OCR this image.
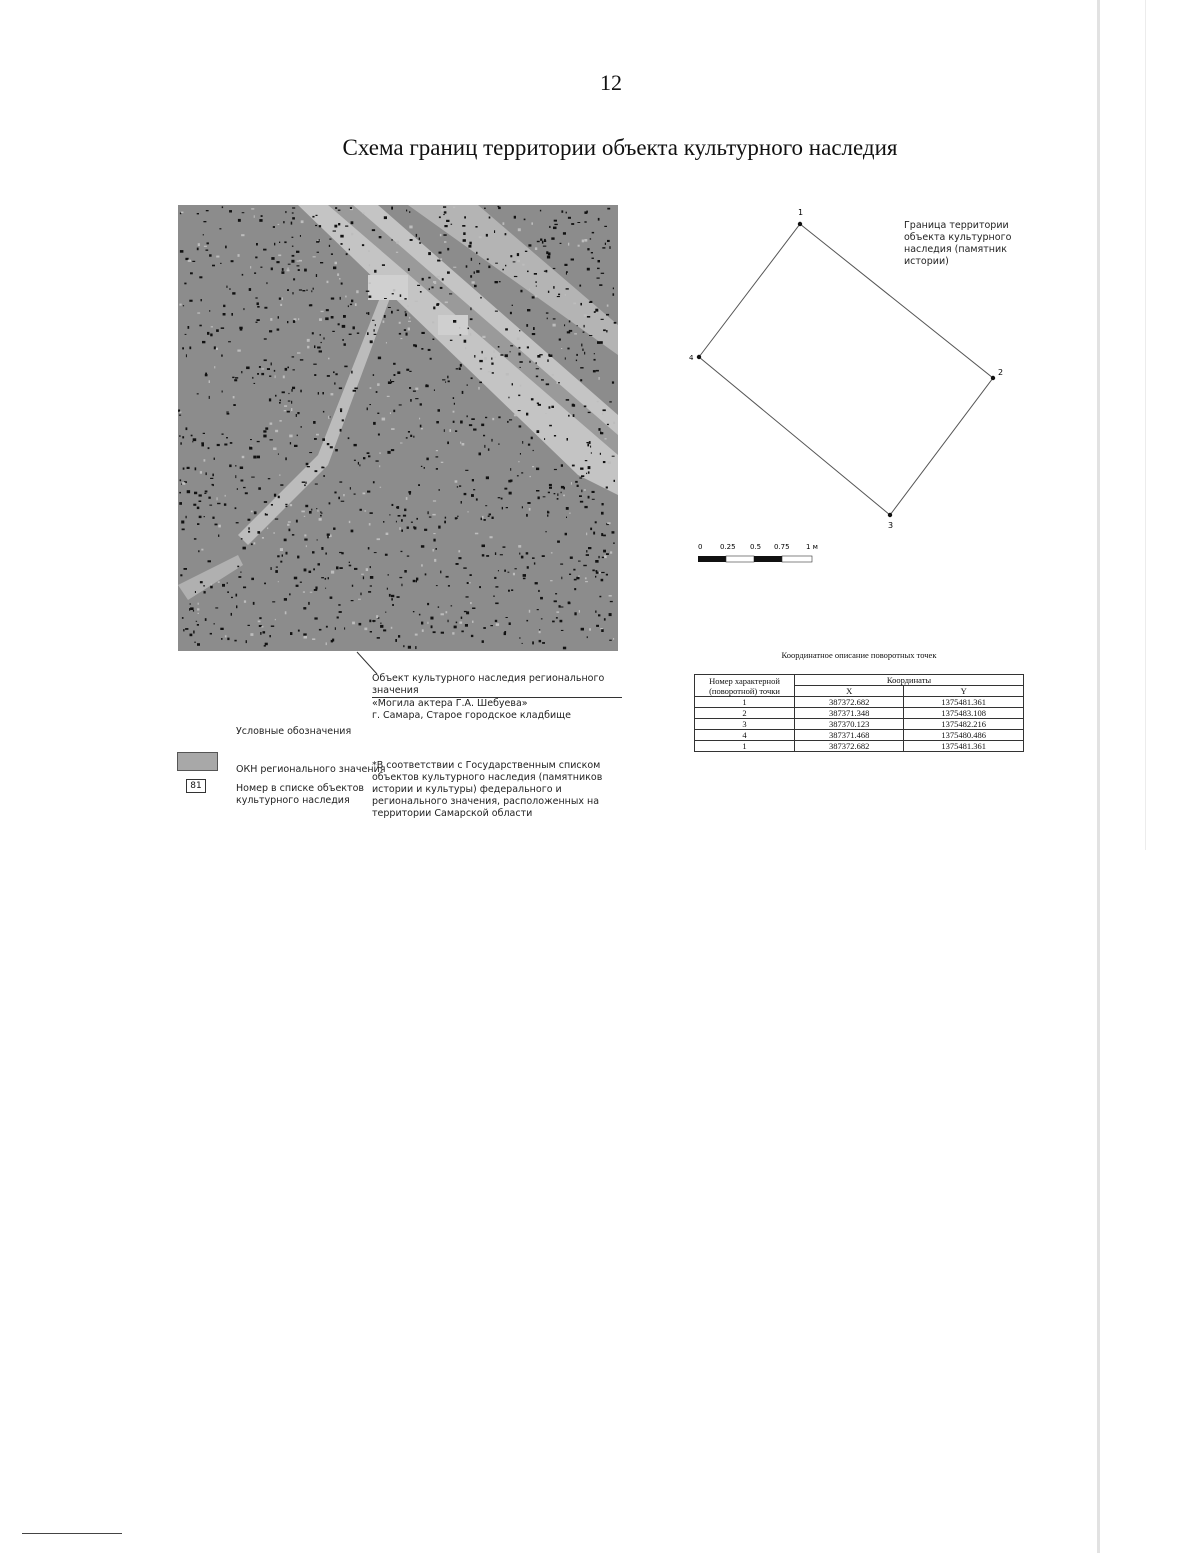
12
Схема границ территории объекта культурного наследия
Объект культурного наследия регионального значения
«Могила актера Г.А. Шебуева»
г. Самара, Старое городское кладбище
Условные обозначения
ОКН регионального значения
81	Номер в списке объектов культурного наследия
*В соответствии с Государственным списком объектов культурного наследия (памятников истории и культуры) федерального и регионального значения, расположенных на территории Самарской области
1
2
3
4
0	0.25 0.5 0.75 1 м
Граница территории объекта культурного наследия (памятник истории)
Координатное описание поворотных точек
Номер характерной (поворотной) точки	Координаты	
	X	Y
1	387372.682	1375481.361
2	387371.348	1375483.108
3	387370.123	1375482.216
4	387371.468	1375480.486
1	387372.682	1375481.361
